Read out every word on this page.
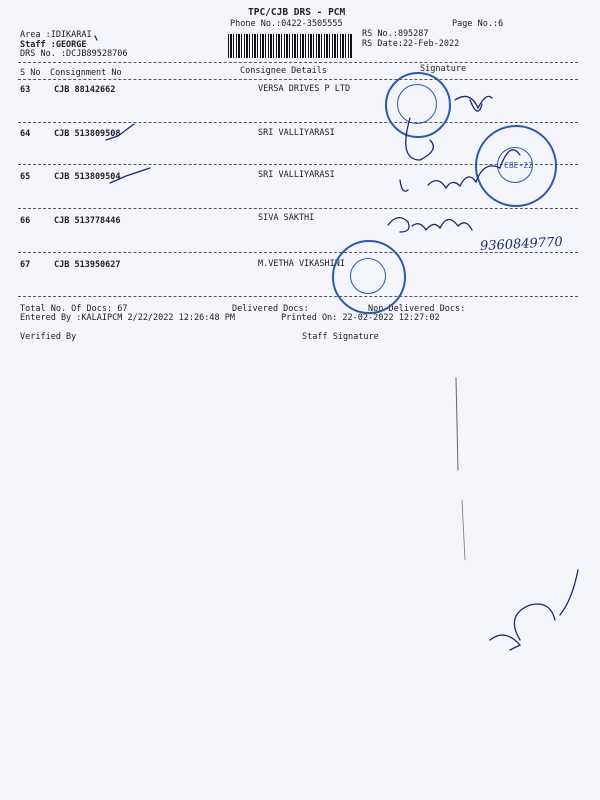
TPC/CJB DRS - PCM
Phone No.:0422-3505555	Page No.:6
Area :IDIKARAI
Staff :GEORGE
DRS No. :DCJB89528706
RS No.:895287
RS Date:22-Feb-2022
S No Consignment No	Consignee Details	Signature
63	CJB 88142662	VERSA DRIVES P LTD
64	CJB 513809508	SRI VALLIYARASI
65	CJB 513809504	SRI VALLIYARASI
66	CJB 513778446	SIVA SAKTHI
67	CJB 513950627	M.VETHA VIKASHINI
Total No. Of Docs: 67	Delivered Docs:	Non Delivered Docs:
Entered By :KALAIPCM 2/22/2022 12:26:48 PM	Printed On: 22-02-2022 12:27:02
Verified By	Staff Signature
CBE-22
9360849770
